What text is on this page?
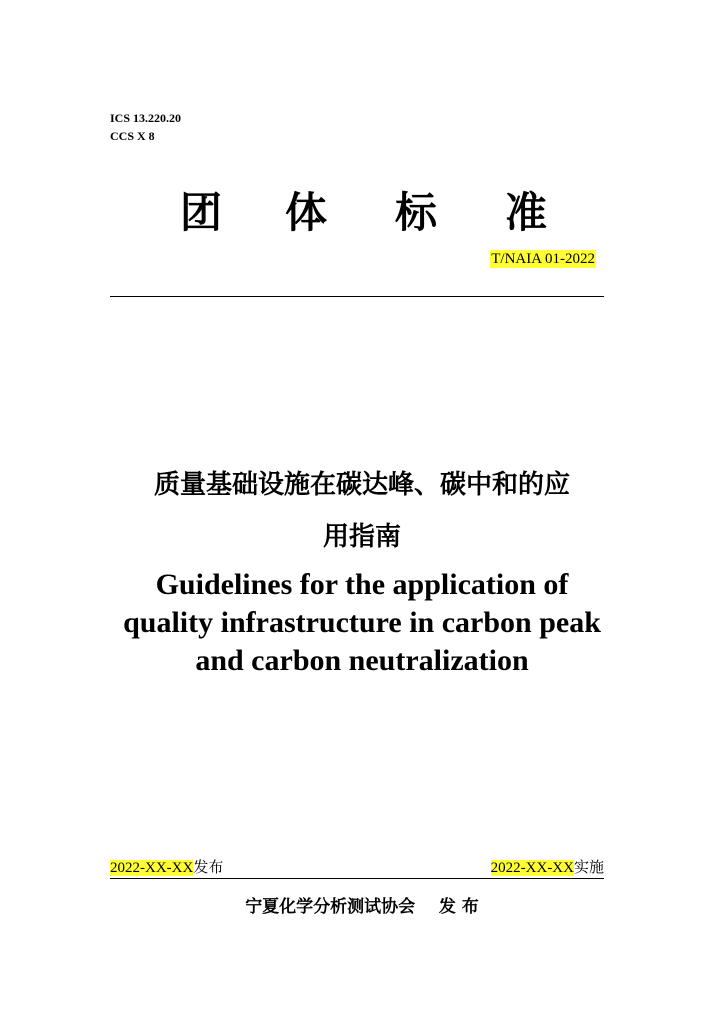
ICS 13.220.20
CCS X 8
团 体 标 准
T/NAIA 01-2022
质量基础设施在碳达峰、碳中和的应
用指南
Guidelines for the application of
quality infrastructure in carbon peak
and carbon neutralization
2022-XX-XX发布	2022-XX-XX实施
宁夏化学分析测试协会 发 布
